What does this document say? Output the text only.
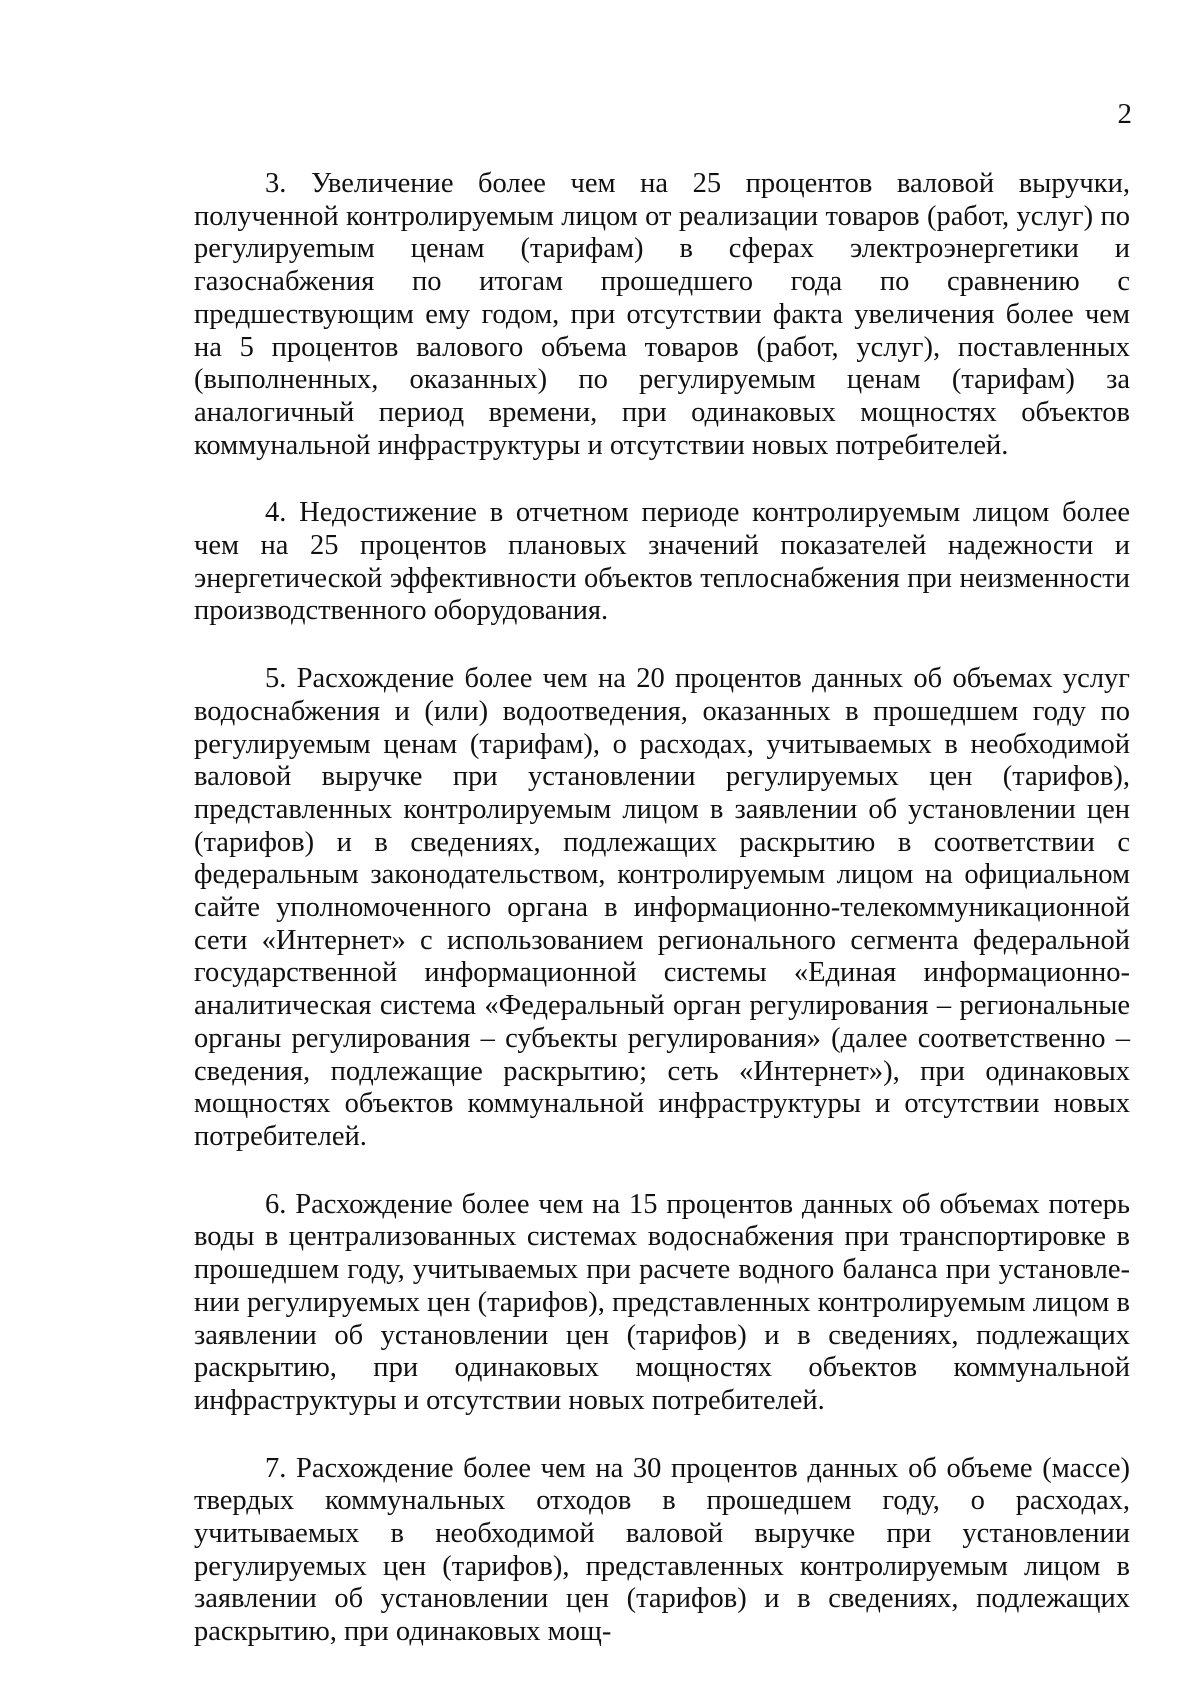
2

3. Увеличение более чем на 25 процентов валовой выручки, полученной контролируемым лицом от реализации товаров (работ, услуг) по регулируеmым ценам (тарифам) в сферах электроэнергетики и газоснабжения по итогам прошедшего года по сравнению с предшествующим ему годом, при отсутствии факта увеличения более чем на 5 процентов валового объема товаров (работ, услуг), поставленных (выполненных, оказанных) по регулируемым ценам (тарифам) за аналогичный период времени, при одинаковых мощностях объектов коммунальной инфраструктуры и отсутствии новых потребителей.

4. Недостижение в отчетном периоде контролируемым лицом более чем на 25 процентов плановых значений показателей надежности и энергетической эффективности объектов теплоснабжения при неизменности производственного оборудования.

5. Расхождение более чем на 20 процентов данных об объемах услуг водоснабжения и (или) водоотведения, оказанных в прошедшем году по регулируемым ценам (тарифам), о расходах, учитываемых в необходимой валовой выручке при установлении регулируемых цен (тарифов), представленных контролируемым лицом в заявлении об установлении цен (тарифов) и в сведениях, подлежащих раскрытию в соответствии с федеральным законодательством, контролируемым лицом на официальном сайте уполномоченного органа в информационно-телекоммуникационной сети «Интернет» с использованием регионального сегмента федеральной государственной информационной системы «Единая информационно-аналитическая система «Федеральный орган регулирования – региональные органы регулирования – субъекты регулирования» (далее соответственно – сведения, подлежащие раскрытию; сеть «Интернет»), при одинаковых мощностях объектов коммунальной инфраструктуры и отсутствии новых потребителей.

6. Расхождение более чем на 15 процентов данных об объемах потерь воды в централизованных системах водоснабжения при транспортировке в прошедшем году, учитываемых при расчете водного баланса при установлении регулируемых цен (тарифов), представленных контролируемым лицом в заявлении об установлении цен (тарифов) и в сведениях, подлежащих раскрытию, при одинаковых мощностях объектов коммунальной инфраструктуры и отсутствии новых потребителей.

7. Расхождение более чем на 30 процентов данных об объеме (массе) твердых коммунальных отходов в прошедшем году, о расходах, учитываемых в необходимой валовой выручке при установлении регулируемых цен (тарифов), представленных контролируемым лицом в заявлении об установлении цен (тарифов) и в сведениях, подлежащих раскрытию, при одинаковых мощ-
